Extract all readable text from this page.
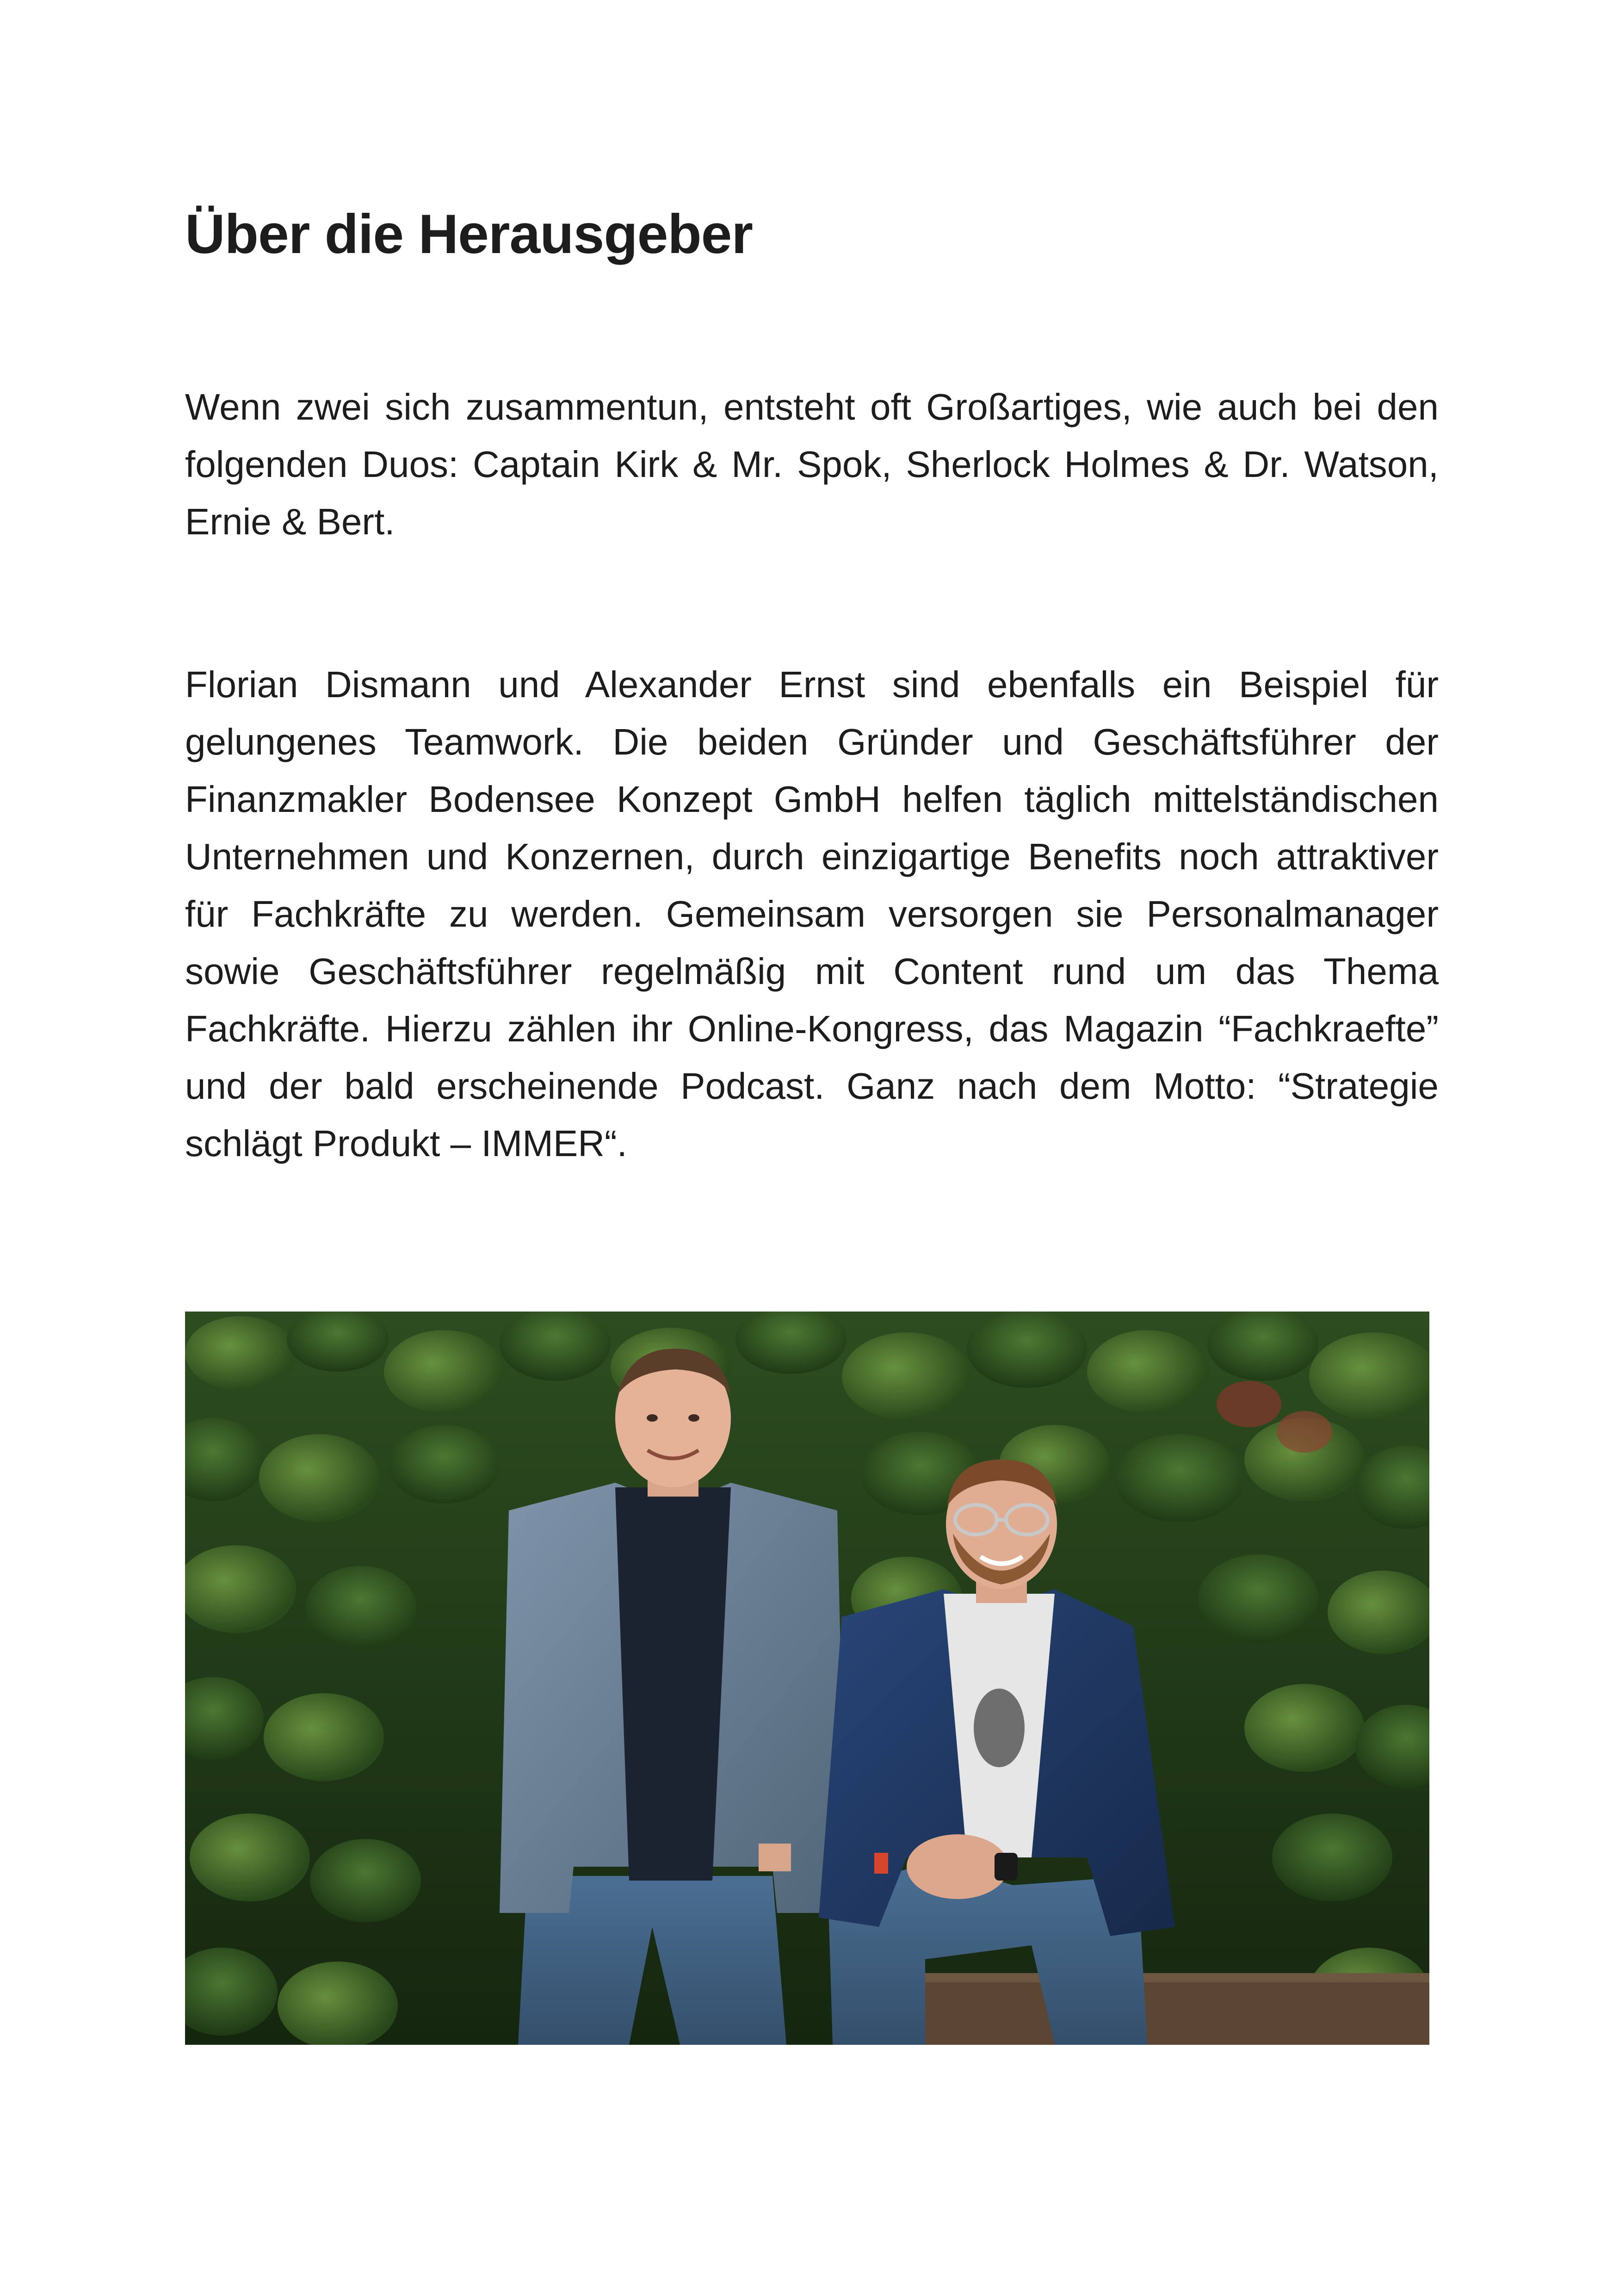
Über die Herausgeber

Wenn zwei sich zusammentun, entsteht oft Großartiges, wie auch bei den folgenden Duos: Captain Kirk & Mr. Spok, Sherlock Holmes & Dr. Watson, Ernie & Bert.

Florian Dismann und Alexander Ernst sind ebenfalls ein Beispiel für gelungenes Teamwork. Die beiden Gründer und Geschäftsführer der Finanzmakler Bodensee Konzept GmbH helfen täglich mittelständischen Unternehmen und Konzernen, durch einzigartige Benefits noch attraktiver für Fachkräfte zu werden. Gemeinsam versorgen sie Personalmanager sowie Geschäftsführer regelmäßig mit Content rund um das Thema Fachkräfte. Hierzu zählen ihr Online-Kongress, das Magazin “Fachkraefte” und der bald erscheinende Podcast. Ganz nach dem Motto: “Strategie schlägt Produkt – IMMER“.
